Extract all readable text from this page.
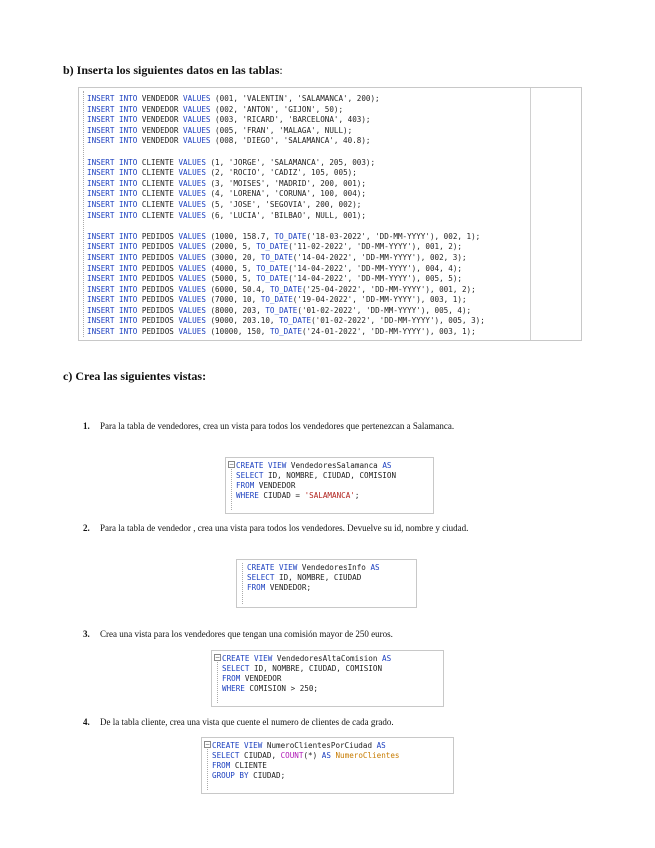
b) Inserta los siguientes datos en las tablas:
INSERT INTO VENDEDOR VALUES (001, 'VALENTIN', 'SALAMANCA', 200);
INSERT INTO VENDEDOR VALUES (002, 'ANTON', 'GIJON', 50);
INSERT INTO VENDEDOR VALUES (003, 'RICARD', 'BARCELONA', 403);
INSERT INTO VENDEDOR VALUES (005, 'FRAN', 'MALAGA', NULL);
INSERT INTO VENDEDOR VALUES (008, 'DIEGO', 'SALAMANCA', 40.8);
INSERT INTO CLIENTE VALUES (1, 'JORGE', 'SALAMANCA', 205, 003);
INSERT INTO CLIENTE VALUES (2, 'ROCIO', 'CADIZ', 105, 005);
INSERT INTO CLIENTE VALUES (3, 'MOISES', 'MADRID', 200, 001);
INSERT INTO CLIENTE VALUES (4, 'LORENA', 'CORUNA', 100, 004);
INSERT INTO CLIENTE VALUES (5, 'JOSE', 'SEGOVIA', 200, 002);
INSERT INTO CLIENTE VALUES (6, 'LUCIA', 'BILBAO', NULL, 001);
INSERT INTO PEDIDOS VALUES (1000, 158.7, TO_DATE('18-03-2022', 'DD-MM-YYYY'), 002, 1);
INSERT INTO PEDIDOS VALUES (2000, 5, TO_DATE('11-02-2022', 'DD-MM-YYYY'), 001, 2);
INSERT INTO PEDIDOS VALUES (3000, 20, TO_DATE('14-04-2022', 'DD-MM-YYYY'), 002, 3);
INSERT INTO PEDIDOS VALUES (4000, 5, TO_DATE('14-04-2022', 'DD-MM-YYYY'), 004, 4);
INSERT INTO PEDIDOS VALUES (5000, 5, TO_DATE('14-04-2022', 'DD-MM-YYYY'), 005, 5);
INSERT INTO PEDIDOS VALUES (6000, 50.4, TO_DATE('25-04-2022', 'DD-MM-YYYY'), 001, 2);
INSERT INTO PEDIDOS VALUES (7000, 10, TO_DATE('19-04-2022', 'DD-MM-YYYY'), 003, 1);
INSERT INTO PEDIDOS VALUES (8000, 203, TO_DATE('01-02-2022', 'DD-MM-YYYY'), 005, 4);
INSERT INTO PEDIDOS VALUES (9000, 203.10, TO_DATE('01-02-2022', 'DD-MM-YYYY'), 005, 3);
INSERT INTO PEDIDOS VALUES (10000, 150, TO_DATE('24-01-2022', 'DD-MM-YYYY'), 003, 1);
c) Crea las siguientes vistas:
1. Para la tabla de vendedores, crea un vista para todos los vendedores que pertenezcan a Salamanca.

−

CREATE VIEW VendedoresSalamanca AS
SELECT ID, NOMBRE, CIUDAD, COMISION
FROM VENDEDOR
WHERE CIUDAD = 'SALAMANCA';

2. Para la tabla de vendedor , crea una vista para todos los vendedores. Devuelve su id, nombre y ciudad.

CREATE VIEW VendedoresInfo AS
SELECT ID, NOMBRE, CIUDAD
FROM VENDEDOR;

3. Crea una vista para los vendedores que tengan una comisión mayor de 250 euros.

−

CREATE VIEW VendedoresAltaComision AS
SELECT ID, NOMBRE, CIUDAD, COMISION
FROM VENDEDOR
WHERE COMISION > 250;

4. De la tabla cliente, crea una vista que cuente el numero de clientes de cada grado.

−

CREATE VIEW NumeroClientesPorCiudad AS
SELECT CIUDAD, COUNT(*) AS NumeroClientes
FROM CLIENTE
GROUP BY CIUDAD;
